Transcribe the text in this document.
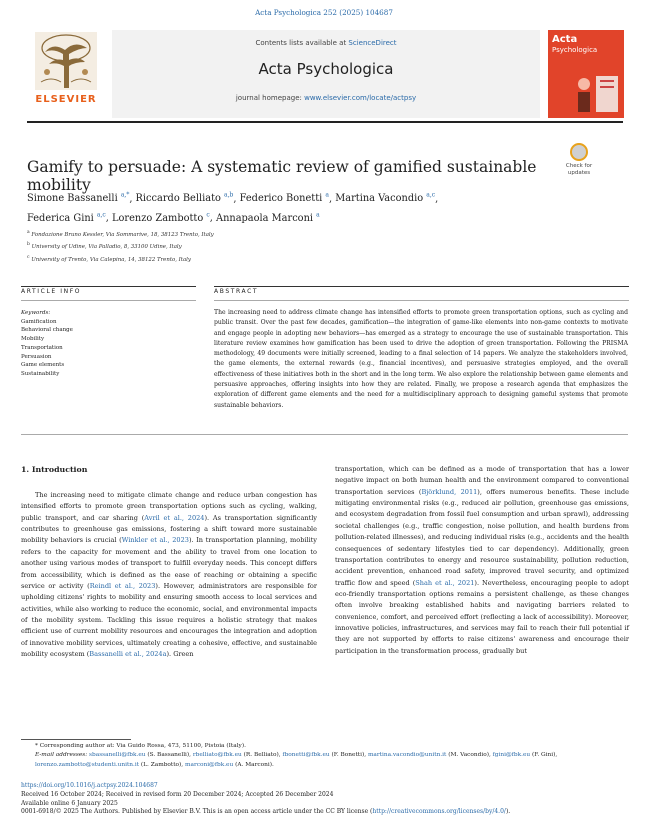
Acta Psychologica 252 (2025) 104687
ELSEVIER
Contents lists available at ScienceDirect
Acta Psychologica
journal homepage: www.elsevier.com/locate/actpsy
Acta
Psychologica
Gamify to persuade: A systematic review of gamified sustainable mobility
Check for updates
Simone Bassanelli $^{a,*}$, Riccardo Belliato $^{a,b}$, Federico Bonetti $^a$, Martina Vacondio $^{a,c}$,
Federica Gini $^{a,c}$, Lorenzo Zambotto $^c$, Annapaola Marconi $^a$
$^a$ Fondazione Bruno Kessler, Via Sommarive, 18, 38123 Trento, Italy
$^b$ University of Udine, Via Palladio, 8, 33100 Udine, Italy
$^c$ University of Trento, Via Calepina, 14, 38122 Trento, Italy
ARTICLE INFO	ABSTRACT
Keywords:
Gamification
Behavioral change
Mobility
Transportation
Persuasion
Game elements
Sustainability
The increasing need to address climate change has intensified efforts to promote green transportation options, such as cycling and public transit. Over the past few decades, gamification—the integration of game-like elements into non-game contexts to motivate and engage people in adopting new behaviors—has emerged as a strategy to encourage the use of sustainable transportation. This literature review examines how gamification has been used to drive the adoption of green transportation. Following the PRISMA methodology, 49 documents were initially screened, leading to a final selection of 14 papers. We analyze the stakeholders involved, the game elements, the external rewards (e.g., financial incentives), and persuasive strategies employed, and the overall effectiveness of these initiatives both in the short and in the long term. We also explore the relationship between game elements and persuasive approaches, offering insights into how they are related. Finally, we propose a research agenda that emphasizes the exploration of different game elements and the need for a multidisciplinary approach to designing gameful systems that promote sustainable behaviors.
1. Introduction
The increasing need to mitigate climate change and reduce urban congestion has intensified efforts to promote green transportation options such as cycling, walking, public transport, and car sharing (Avril et al., 2024). As transportation significantly contributes to greenhouse gas emissions, fostering a shift toward more sustainable mobility behaviors is crucial (Winkler et al., 2023). In transportation planning, mobility refers to the capacity for movement and the ability to travel from one location to another using various modes of transport to fulfill everyday needs. This concept differs from accessibility, which is defined as the ease of reaching or obtaining a specific service or activity (Reindl et al., 2023). However, administrators are responsible for upholding citizens' rights to mobility and ensuring smooth access to local services and activities, while also working to reduce the economic, social, and environmental impacts of the mobility system. Tackling this issue requires a holistic strategy that makes efficient use of current mobility resources and encourages the integration and adoption of innovative mobility services, ultimately creating a cohesive, effective, and sustainable mobility ecosystem (Bassanelli et al., 2024a). Green
transportation, which can be defined as a mode of transportation that has a lower negative impact on both human health and the environment compared to conventional transportation services (Björklund, 2011), offers numerous benefits. These include mitigating environmental risks (e.g., reduced air pollution, greenhouse gas emissions, and ecosystem degradation from fossil fuel consumption and urban sprawl), addressing societal challenges (e.g., traffic congestion, noise pollution, and health burdens from pollution-related illnesses), and reducing individual risks (e.g., accidents and the health consequences of sedentary lifestyles tied to car dependency). Additionally, green transportation contributes to energy and resource sustainability, pollution reduction, accident prevention, enhanced road safety, improved travel security, and optimized traffic flow and speed (Shah et al., 2021). Nevertheless, encouraging people to adopt eco-friendly transportation options remains a persistent challenge, as these changes often involve breaking established habits and navigating barriers related to convenience, comfort, and perceived effort (reflecting a lack of accessibility). Moreover, innovative policies, infrastructures, and services may fail to reach their full potential if they are not supported by efforts to raise citizens' awareness and encourage their participation in the transformation process, gradually but
* Corresponding author at: Via Guido Rossa, 473, 51100, Pistoia (Italy).
E-mail addresses: sbassanelli@fbk.eu (S. Bassanelli), rbelliato@fbk.eu (R. Belliato), fbonetti@fbk.eu (F. Bonetti), martina.vacondio@unitn.it (M. Vacondio), fgini@fbk.eu (F. Gini), lorenzo.zambotto@studenti.unitn.it (L. Zambotto), marconi@fbk.eu (A. Marconi).
https://doi.org/10.1016/j.actpsy.2024.104687
Received 16 October 2024; Received in revised form 20 December 2024; Accepted 26 December 2024
Available online 6 January 2025
0001-6918/© 2025 The Authors. Published by Elsevier B.V. This is an open access article under the CC BY license (http://creativecommons.org/licenses/by/4.0/).
